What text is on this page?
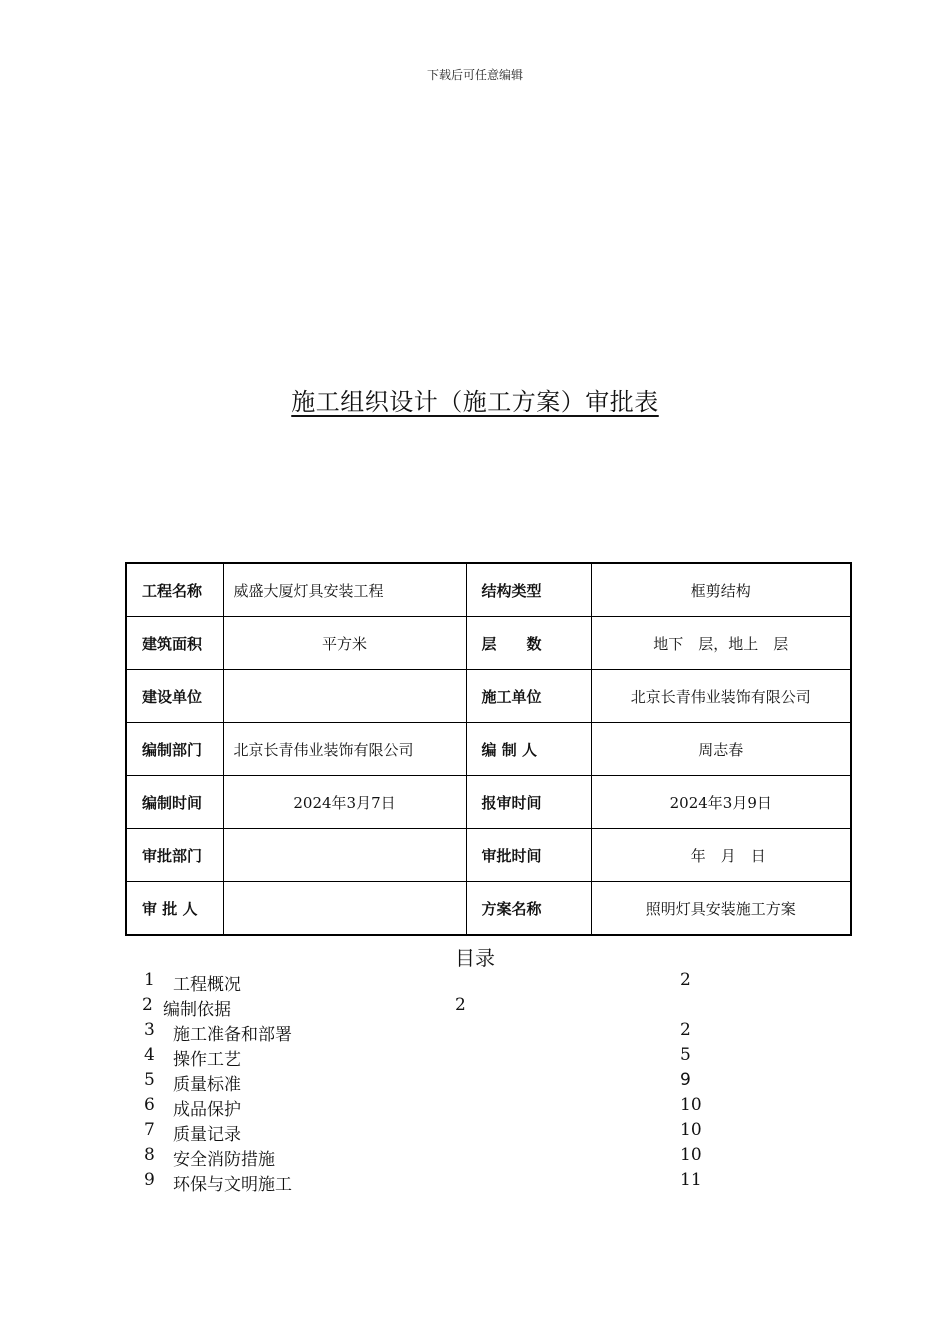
下载后可任意编辑
施工组织设计（施工方案）审批表
工程名称	威盛大厦灯具安装工程	结构类型	框剪结构
建筑面积	平方米	层　　数	地下　层，地上　层
建设单位		施工单位	北京长青伟业装饰有限公司
编制部门	北京长青伟业装饰有限公司	编 制 人	周志春
编制时间	2024年3月7日	报审时间	2024年3月9日
审批部门		审批时间	　年　月　日
审 批 人		方案名称	照明灯具安装施工方案
目录
1 工程概况	2
2 编制依据	2
3 施工准备和部署	2
4 操作工艺	5
5 质量标准	9
6 成品保护	10
7 质量记录	10
8 安全消防措施	10
9 环保与文明施工	11
